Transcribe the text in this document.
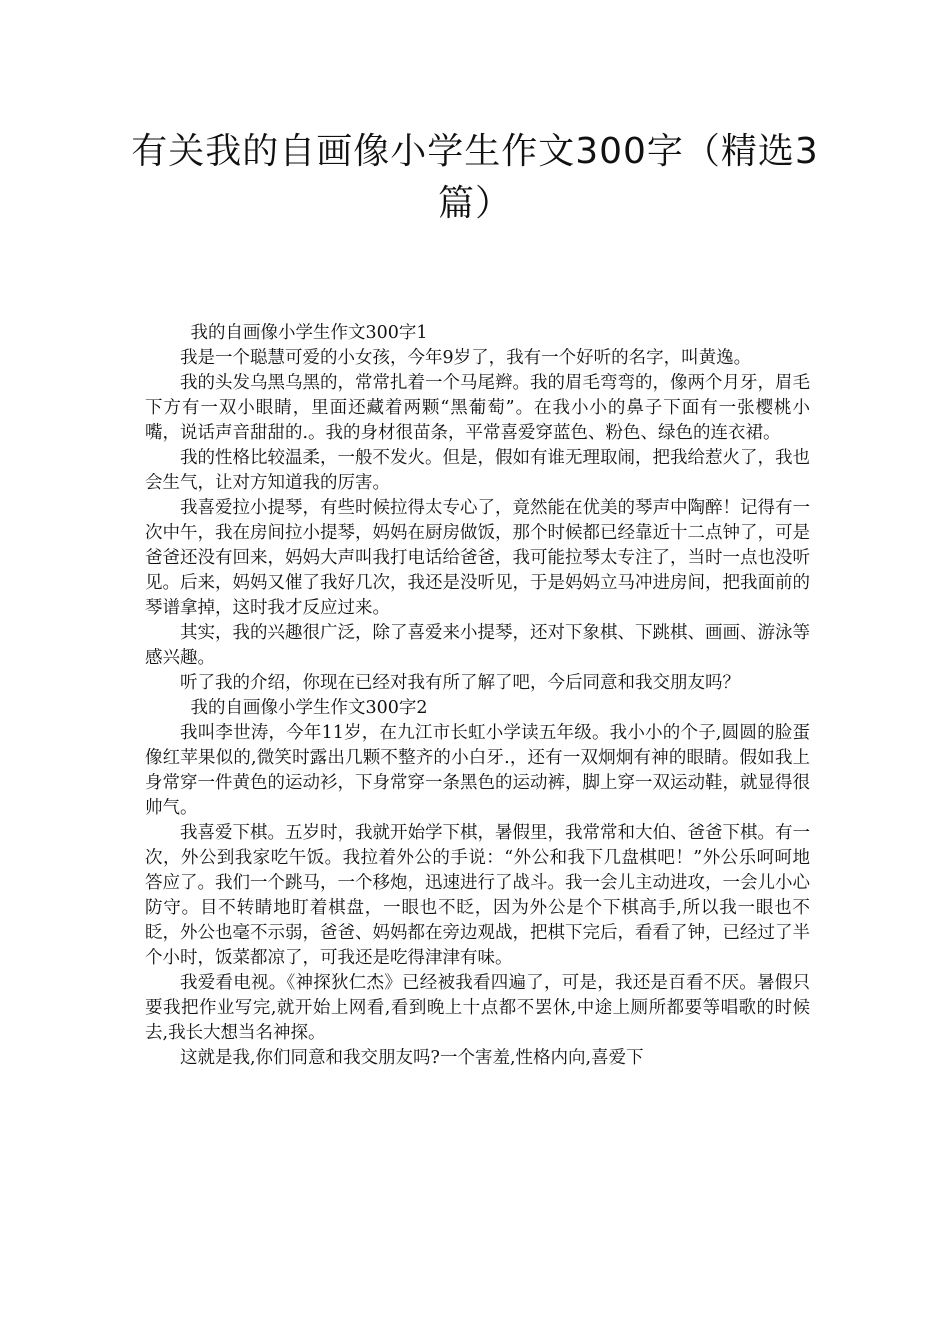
有关我的自画像小学生作文300字（精选3篇）

我的自画像小学生作文300字1

我是一个聪慧可爱的小女孩，今年9岁了，我有一个好听的名字，叫黄逸。

我的头发乌黑乌黑的，常常扎着一个马尾辫。我的眉毛弯弯的，像两个月牙，眉毛下方有一双小眼睛，里面还藏着两颗“黑葡萄”。在我小小的鼻子下面有一张樱桃小嘴，说话声音甜甜的.。我的身材很苗条，平常喜爱穿蓝色、粉色、绿色的连衣裙。

我的性格比较温柔，一般不发火。但是，假如有谁无理取闹，把我给惹火了，我也会生气，让对方知道我的厉害。

我喜爱拉小提琴，有些时候拉得太专心了，竟然能在优美的琴声中陶醉！记得有一次中午，我在房间拉小提琴，妈妈在厨房做饭，那个时候都已经靠近十二点钟了，可是爸爸还没有回来，妈妈大声叫我打电话给爸爸，我可能拉琴太专注了，当时一点也没听见。后来，妈妈又催了我好几次，我还是没听见，于是妈妈立马冲进房间，把我面前的琴谱拿掉，这时我才反应过来。

其实，我的兴趣很广泛，除了喜爱来小提琴，还对下象棋、下跳棋、画画、游泳等感兴趣。

听了我的介绍，你现在已经对我有所了解了吧，今后同意和我交朋友吗？

我的自画像小学生作文300字2

我叫李世涛，今年11岁，在九江市长虹小学读五年级。我小小的个子,圆圆的脸蛋像红苹果似的,微笑时露出几颗不整齐的小白牙.，还有一双炯炯有神的眼睛。假如我上身常穿一件黄色的运动衫，下身常穿一条黑色的运动裤，脚上穿一双运动鞋，就显得很帅气。

我喜爱下棋。五岁时，我就开始学下棋，暑假里，我常常和大伯、爸爸下棋。有一次，外公到我家吃午饭。我拉着外公的手说：“外公和我下几盘棋吧！”外公乐呵呵地答应了。我们一个跳马，一个移炮，迅速进行了战斗。我一会儿主动进攻，一会儿小心防守。目不转睛地盯着棋盘，一眼也不眨，因为外公是个下棋高手,所以我一眼也不眨，外公也毫不示弱，爸爸、妈妈都在旁边观战，把棋下完后，看看了钟，已经过了半个小时，饭菜都凉了，可我还是吃得津津有味。

我爱看电视。《神探狄仁杰》已经被我看四遍了，可是，我还是百看不厌。暑假只要我把作业写完,就开始上网看,看到晚上十点都不罢休,中途上厕所都要等唱歌的时候去,我长大想当名神探。

这就是我,你们同意和我交朋友吗?一个害羞,性格内向,喜爱下
